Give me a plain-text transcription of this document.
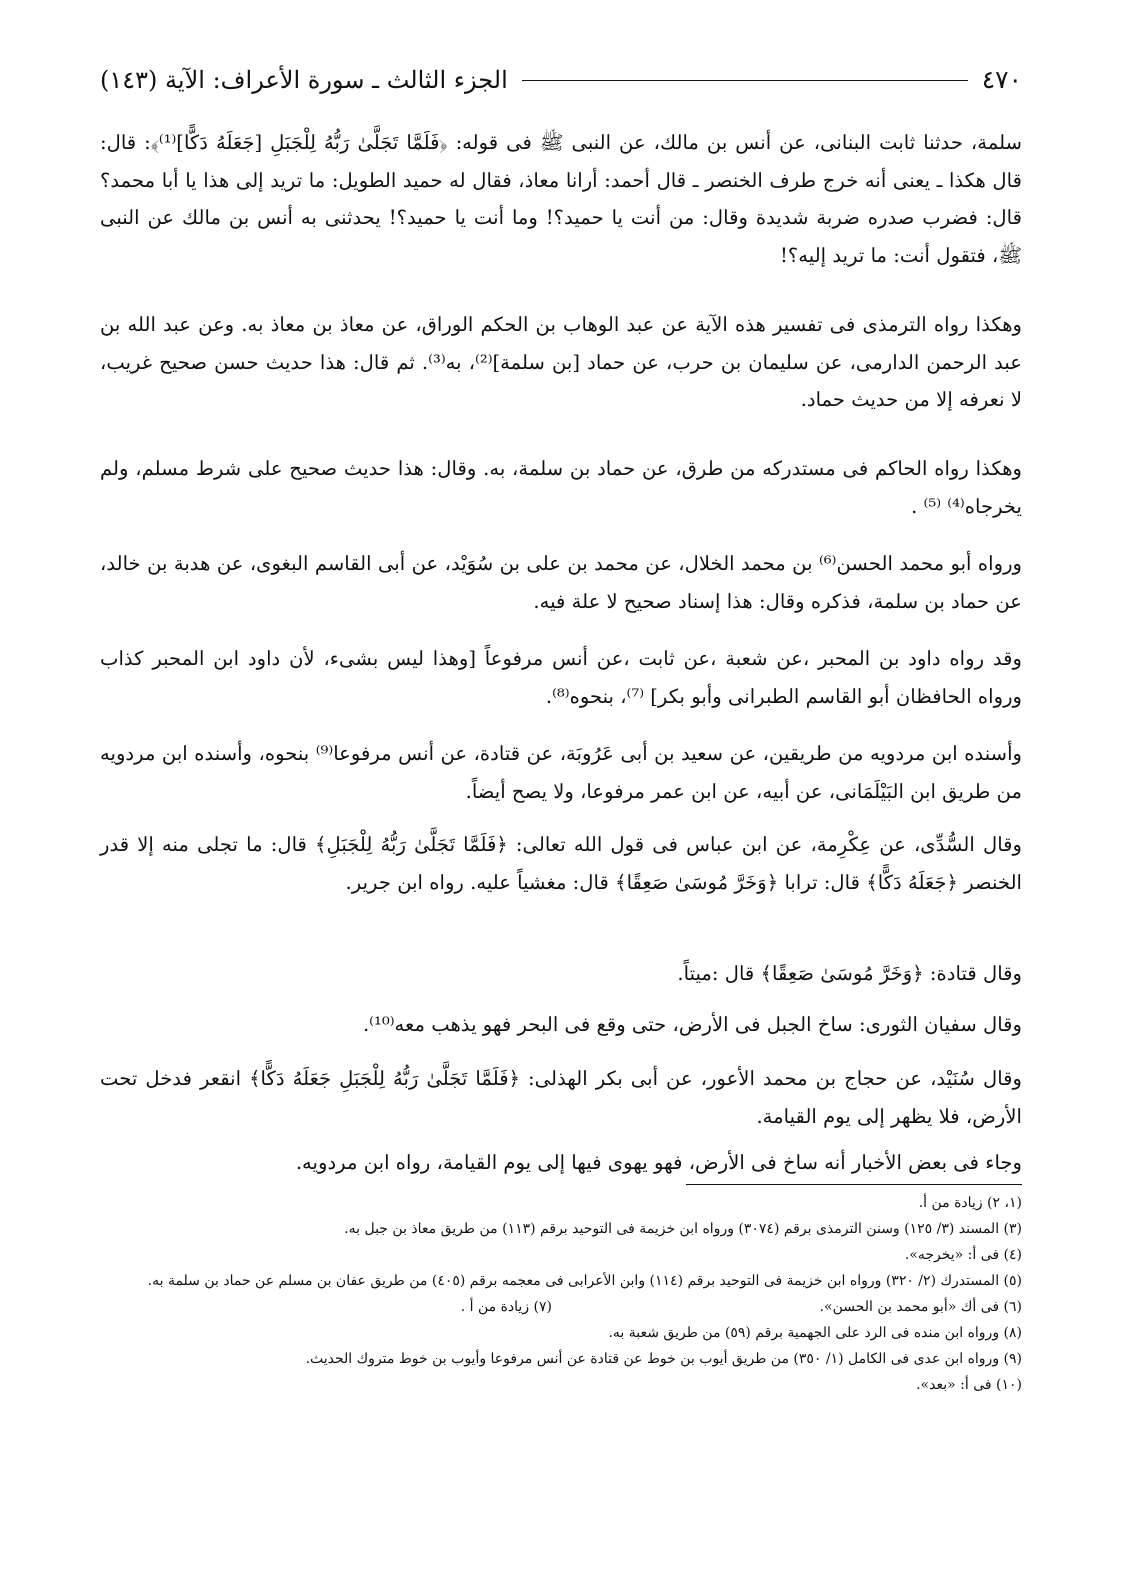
٤٧٠
الجزء الثالث ـ سورة الأعراف: الآية (١٤٣)

سلمة، حدثنا ثابت البنانى، عن أنس بن مالك، عن النبى ﷺ فى قوله: ﴿فَلَمَّا تَجَلَّىٰ رَبُّهُ لِلْجَبَلِ [جَعَلَهُ دَكًّا]⁽¹⁾﴾: قال: قال هكذا ـ يعنى أنه خرج طرف الخنصر ـ قال أحمد: أرانا معاذ، فقال له حميد الطويل: ما تريد إلى هذا يا أبا محمد؟ قال: فضرب صدره ضربة شديدة وقال: من أنت يا حميد؟! وما أنت يا حميد؟! يحدثنى به أنس بن مالك عن النبى ﷺ، فتقول أنت: ما تريد إليه؟!

وهكذا رواه الترمذى فى تفسير هذه الآية عن عبد الوهاب بن الحكم الوراق، عن معاذ بن معاذ به. وعن عبد الله بن عبد الرحمن الدارمى، عن سليمان بن حرب، عن حماد [بن سلمة]⁽²⁾، به⁽³⁾. ثم قال: هذا حديث حسن صحيح غريب، لا نعرفه إلا من حديث حماد.

وهكذا رواه الحاكم فى مستدركه من طرق، عن حماد بن سلمة، به. وقال: هذا حديث صحيح على شرط مسلم، ولم يخرجاه⁽⁴⁾ ⁽⁵⁾ .

ورواه أبو محمد الحسن⁽⁶⁾ بن محمد الخلال، عن محمد بن على بن سُوَيْد، عن أبى القاسم البغوى، عن هدبة بن خالد، عن حماد بن سلمة، فذكره وقال: هذا إسناد صحيح لا علة فيه.

وقد رواه داود بن المحبر ،عن شعبة ،عن ثابت ،عن أنس مرفوعاً [وهذا ليس بشىء، لأن داود ابن المحبر كذاب ورواه الحافظان أبو القاسم الطبرانى وأبو بكر] ⁽⁷⁾، بنحوه⁽⁸⁾.

وأسنده ابن مردويه من طريقين، عن سعيد بن أبى عَرُوبَة، عن قتادة، عن أنس مرفوعا⁽⁹⁾ بنحوه، وأسنده ابن مردويه من طريق ابن البَيْلَمَانى، عن أبيه، عن ابن عمر مرفوعا، ولا يصح أيضاً.

وقال السُّدِّى، عن عِكْرِمة، عن ابن عباس فى قول الله تعالى: ﴿فَلَمَّا تَجَلَّىٰ رَبُّهُ لِلْجَبَلِ﴾ قال: ما تجلى منه إلا قدر الخنصر ﴿جَعَلَهُ دَكًّا﴾ قال: ترابا ﴿وَخَرَّ مُوسَىٰ صَعِقًا﴾ قال: مغشياً عليه. رواه ابن جرير.

وقال قتادة: ﴿وَخَرَّ مُوسَىٰ صَعِقًا﴾ قال :ميتاً.

وقال سفيان الثورى: ساخ الجبل فى الأرض، حتى وقع فى البحر فهو يذهب معه⁽¹⁰⁾.

وقال سُنَيْد، عن حجاج بن محمد الأعور، عن أبى بكر الهذلى: ﴿فَلَمَّا تَجَلَّىٰ رَبُّهُ لِلْجَبَلِ جَعَلَهُ دَكًّا﴾ انقعر فدخل تحت الأرض، فلا يظهر إلى يوم القيامة.

وجاء فى بعض الأخبار أنه ساخ فى الأرض، فهو يهوى فيها إلى يوم القيامة، رواه ابن مردويه.

(١، ٢) زيادة من أ.

(٣) المسند (٣/ ١٢٥) وسنن الترمذى برقم (٣٠٧٤) ورواه ابن خزيمة فى التوحيد برقم (١١٣) من طريق معاذ بن جبل به.

(٤) فى أ: «يخرجه».

(٥) المستدرك (٢/ ٣٢٠) ورواه ابن خزيمة فى التوحيد برقم (١١٤) وابن الأعرابى فى معجمه برقم (٤٠٥) من طريق عفان بن مسلم عن حماد بن سلمة به.

(٦) فى أك «أبو محمد بن الحسن».
(٧) زيادة من أ .

(٨) ورواه ابن منده فى الرد على الجهمية برقم (٥٩) من طريق شعبة به.

(٩) ورواه ابن عدى فى الكامل (١/ ٣٥٠) من طريق أيوب بن خوط عن قتادة عن أنس مرفوعا وأيوب بن خوط متروك الحديث.

(١٠) فى أ: «بعد».
